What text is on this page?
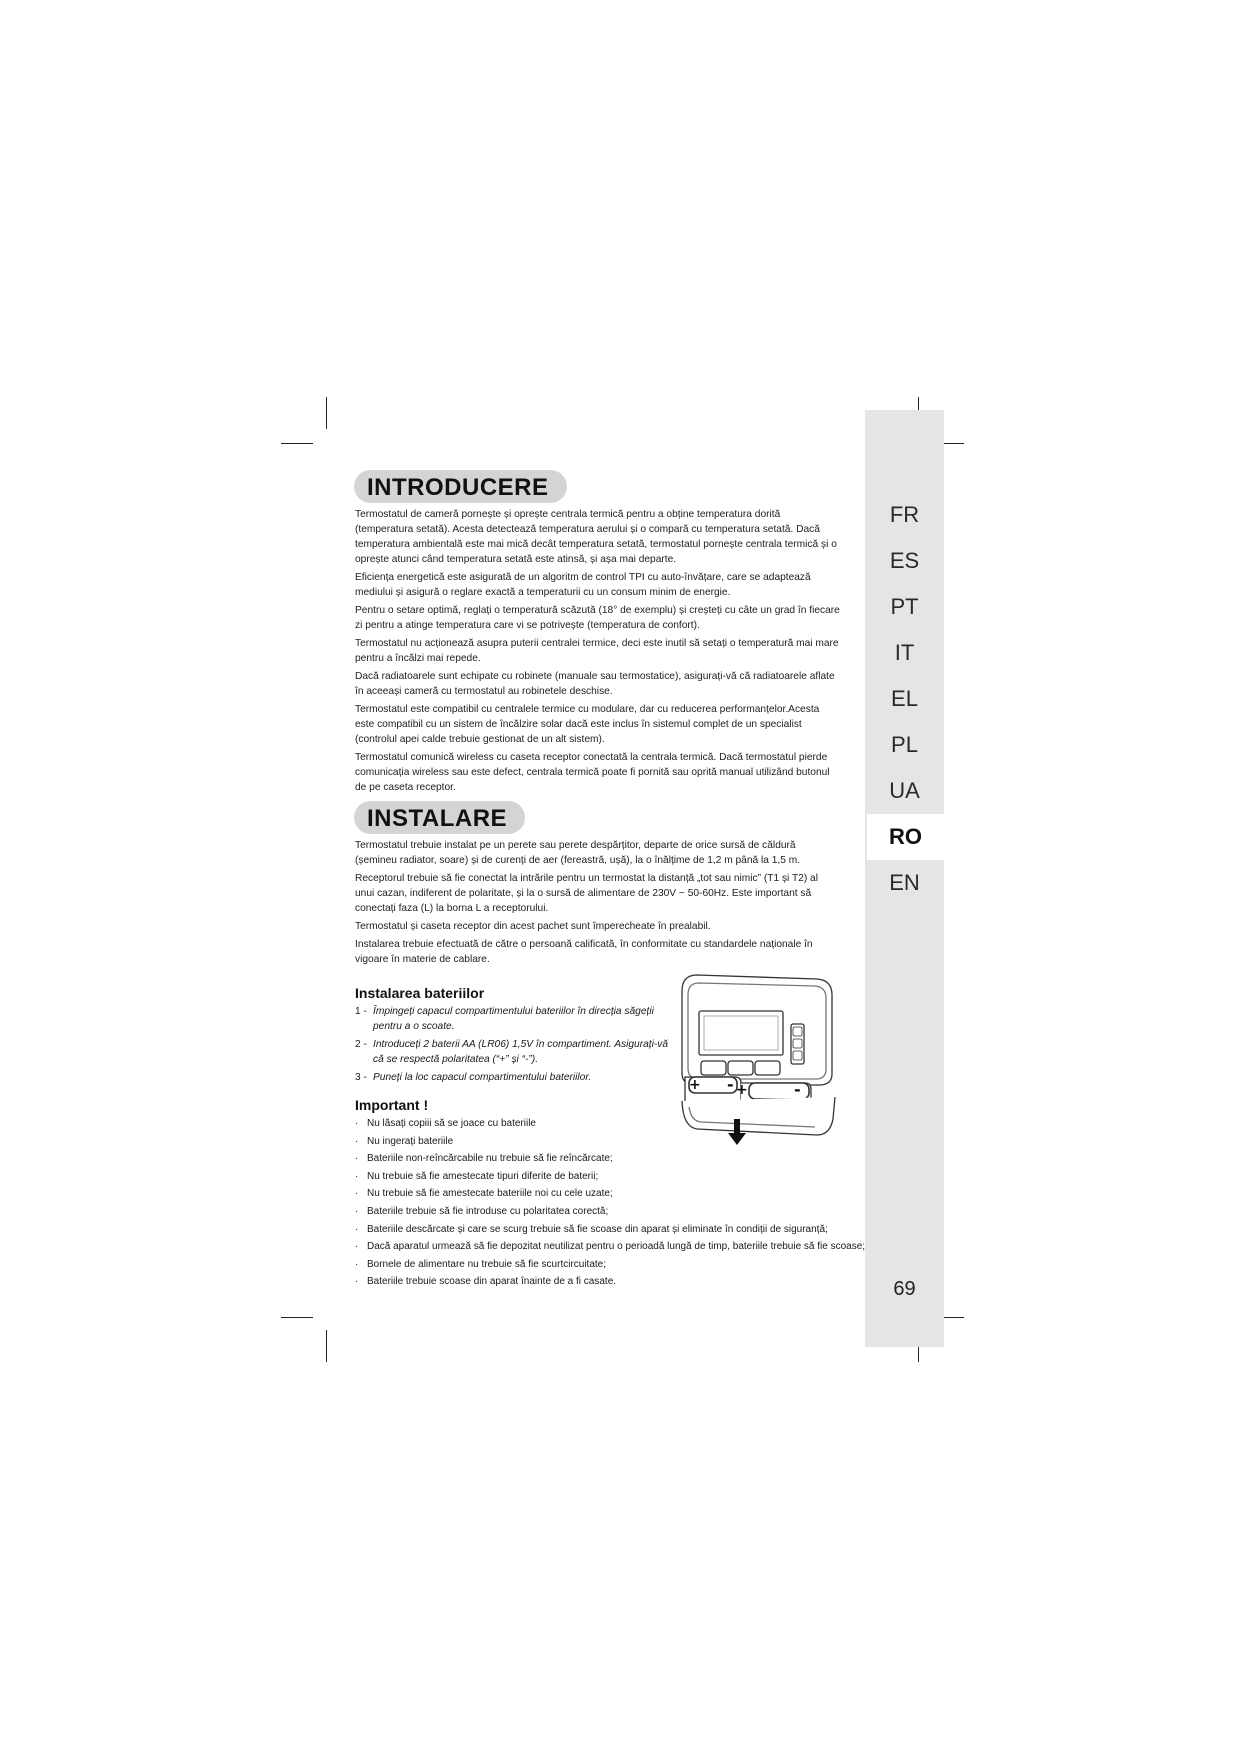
FR
ES
PT
IT
EL
PL
UA
RO
EN
69
INTRODUCERE

Termostatul de cameră pornește și oprește centrala termică pentru a obține temperatura dorită (temperatura setată). Acesta detectează temperatura aerului și o compară cu temperatura setată. Dacă temperatura ambientală este mai mică decât temperatura setată, termostatul pornește centrala termică și o oprește atunci când temperatura setată este atinsă, și așa mai departe.

Eficiența energetică este asigurată de un algoritm de control TPI cu auto-învățare, care se adaptează mediului și asigură o reglare exactă a temperaturii cu un consum minim de energie.

Pentru o setare optimă, reglați o temperatură scăzută (18° de exemplu) și creșteți cu câte un grad în fiecare zi pentru a atinge temperatura care vi se potrivește (temperatura de confort).

Termostatul nu acționează asupra puterii centralei termice, deci este inutil să setați o temperatură mai mare pentru a încălzi mai repede.

Dacă radiatoarele sunt echipate cu robinete (manuale sau termostatice), asigurați-vă că radiatoarele aflate în aceeași cameră cu termostatul au robinetele deschise.

Termostatul este compatibil cu centralele termice cu modulare, dar cu reducerea performanțelor.Acesta este compatibil cu un sistem de încălzire solar dacă este inclus în sistemul complet de un specialist (controlul apei calde trebuie gestionat de un alt sistem).

Termostatul comunică wireless cu caseta receptor conectată la centrala termică. Dacă termostatul pierde comunicația wireless sau este defect, centrala termică poate fi pornită sau oprită manual utilizând butonul de pe caseta receptor.

INSTALARE

Termostatul trebuie instalat pe un perete sau perete despărțitor, departe de orice sursă de căldură (șemineu radiator, soare) și de curenți de aer (fereastră, ușă), la o înălțime de 1,2 m până la 1,5 m.

Receptorul trebuie să fie conectat la intrările pentru un termostat la distanță „tot sau nimic” (T1 și T2) al unui cazan, indiferent de polaritate, și la o sursă de alimentare de 230V ~ 50-60Hz. Este important să conectați faza (L) la borna L a receptorului.

Termostatul și caseta receptor din acest pachet sunt împerecheate în prealabil.

Instalarea trebuie efectuată de către o persoană calificată, în conformitate cu standardele naționale în vigoare în materie de cablare.

Instalarea bateriilor
1 - Împingeți capacul compartimentului bateriilor în direcția săgeții pentru a o scoate.
2 - Introduceți 2 baterii AA (LR06) 1,5V în compartiment. Asigurați-vă că se respectă polaritatea (“+” și “-”).
3 - Puneți la loc capacul compartimentului bateriilor.
Important !
· Nu lăsați copiii să se joace cu bateriile
· Nu ingerați bateriile
· Bateriile non-reîncărcabile nu trebuie să fie reîncărcate;
· Nu trebuie să fie amestecate tipuri diferite de baterii;
· Nu trebuie să fie amestecate bateriile noi cu cele uzate;
· Bateriile trebuie să fie introduse cu polaritatea corectă;
· Bateriile descărcate și care se scurg trebuie să fie scoase din aparat și eliminate în condiții de siguranță;
· Dacă aparatul urmează să fie depozitat neutilizat pentru o perioadă lungă de timp, bateriile trebuie să fie scoase;
· Bornele de alimentare nu trebuie să fie scurtcircuitate;
· Bateriile trebuie scoase din aparat înainte de a fi casate.
+ - +	-
